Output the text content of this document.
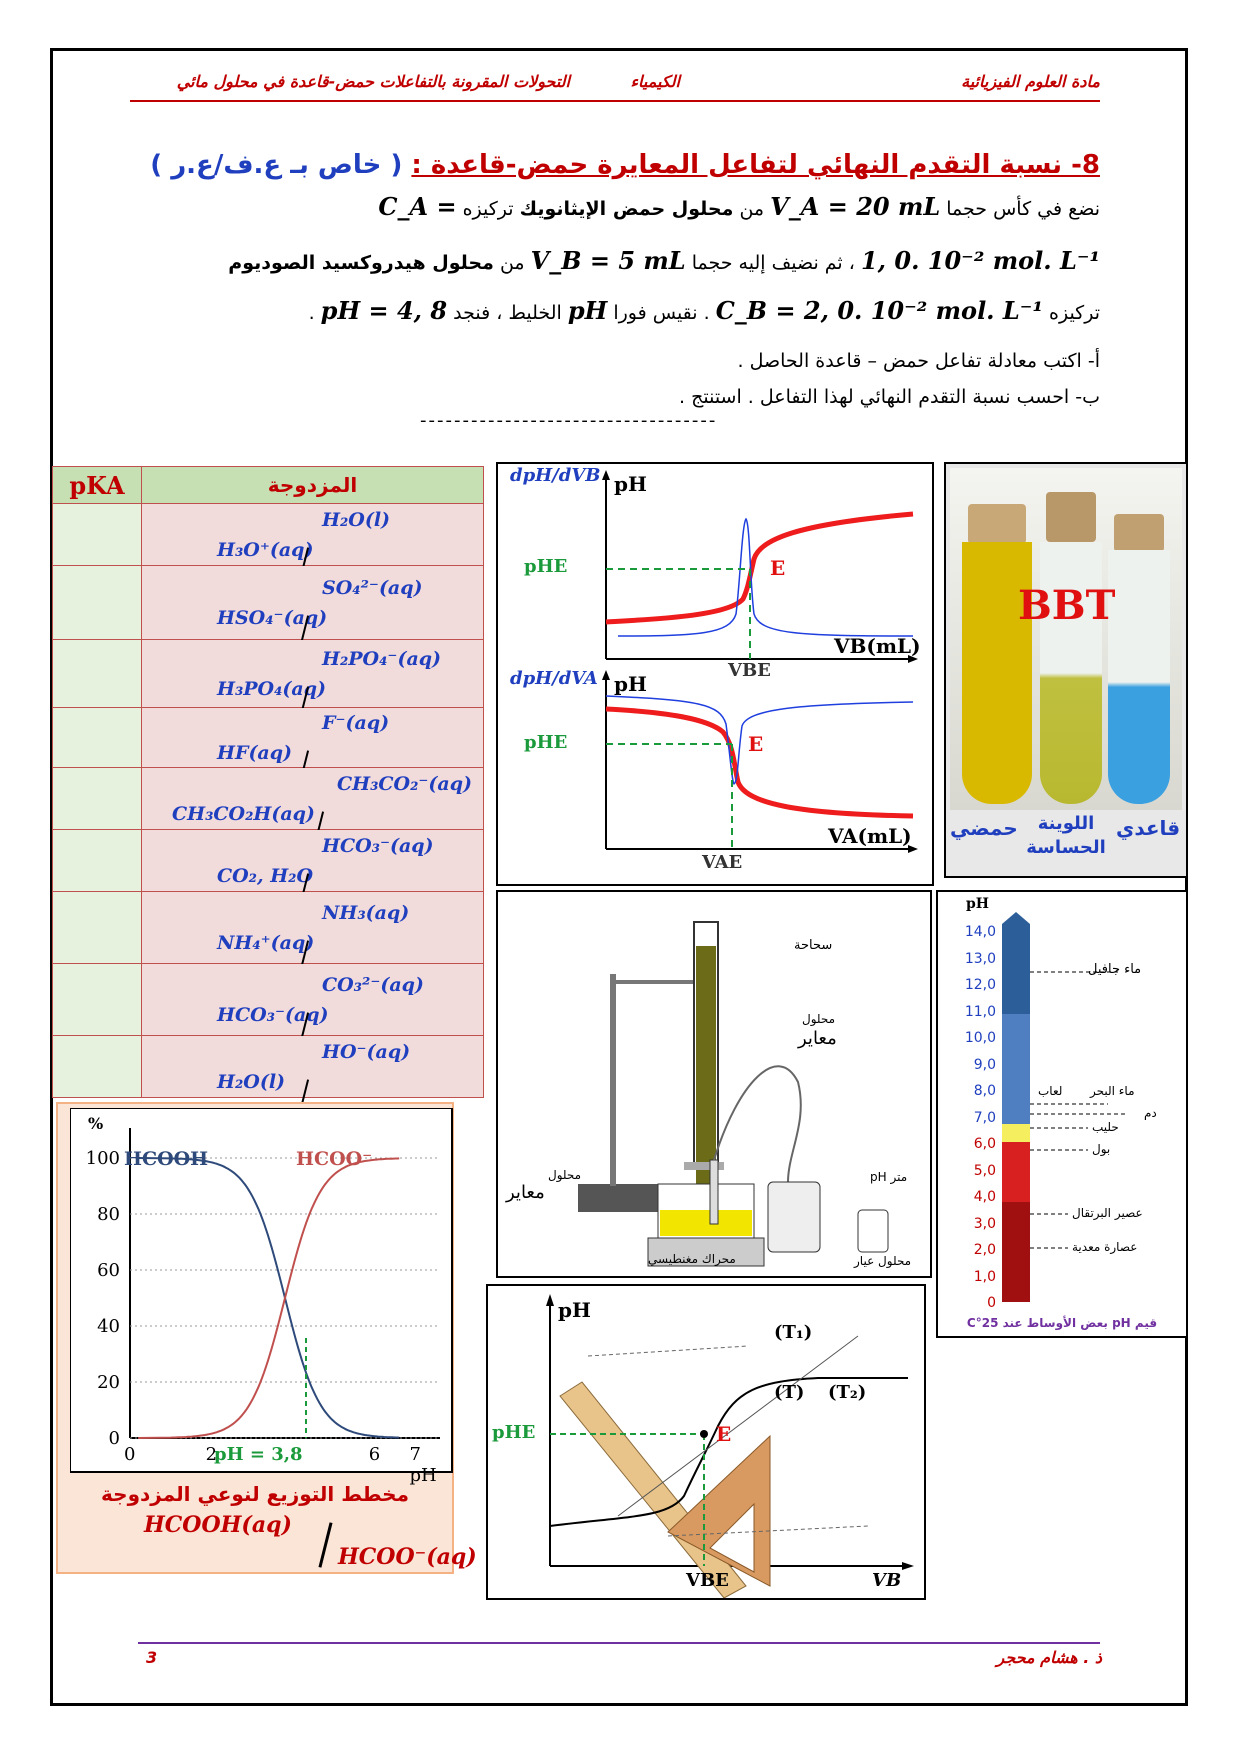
مادة العلوم الفيزيائية
الكيمياء
التحولات المقرونة بالتفاعلات حمض-قاعدة في محلول مائي
8- نسبة التقدم النهائي لتفاعل المعايرة حمض-قاعدة : ( خاص بـ ع.ف/ع.ر )
نضع في كأس حجما V_A = 20 mL من محلول حمض الإيثانويك تركيزه C_A =
1, 0. 10⁻² mol. L⁻¹ ، ثم نضيف إليه حجما V_B = 5 mL من محلول هيدروكسيد الصوديوم
تركيزه C_B = 2, 0. 10⁻² mol. L⁻¹ . نقيس فورا pH الخليط ، فنجد pH = 4, 8 .
أ- اكتب معادلة تفاعل حمض – قاعدة الحاصل .
ب- احسب نسبة التقدم النهائي لهذا التفاعل . استنتج .
-----------------------------------
pKA	المزدوجة

	H₃O⁺(aq)
H₂O(l)

	HSO₄⁻(aq)
SO₄²⁻(aq)

	H₃PO₄(aq)
H₂PO₄⁻(aq)

	HF(aq)
F⁻(aq)

	CH₃CO₂H(aq)
CH₃CO₂⁻(aq)

	CO₂, H₂O
HCO₃⁻(aq)

	NH₄⁺(aq)
NH₃(aq)

	HCO₃⁻(aq)
CO₃²⁻(aq)

	H₂O(l)
HO⁻(aq)
dpH/dVB pH
pHE	E
VB(mL)
VBE
dpH/dVA pH
pHE	E
VA(mL)
VAE
BBT
حمضي	اللوينة الحساسة
قاعدي
سحاحة
محلول
معاير
محلول
معاير
pH متر
محراك مغنطيسي	محلول عيار
pH
14,0
13,0
12,0
11,0
10,0
9,0
8,0
7,0
6,0
5,0
4,0
3,0
2,0
1,0
0
ماء جافيل
لعاب ماء البحر
دم
حليب
بول
عصير البرتقال
عصارة معدية
قيم pH بعض الأوساط عند 25°C
%
HCOOH	HCOO⁻
pH = 3,8
100
80
60
40
20
0
0	2	6 7 pH
مخطط التوزيع لنوعي المزدوجة
HCOOH(aq)
HCOO⁻(aq)
pH
(T₁)
(T) (T₂)
pHE	E
VBE	VB
3	ذ . هشام محجر
